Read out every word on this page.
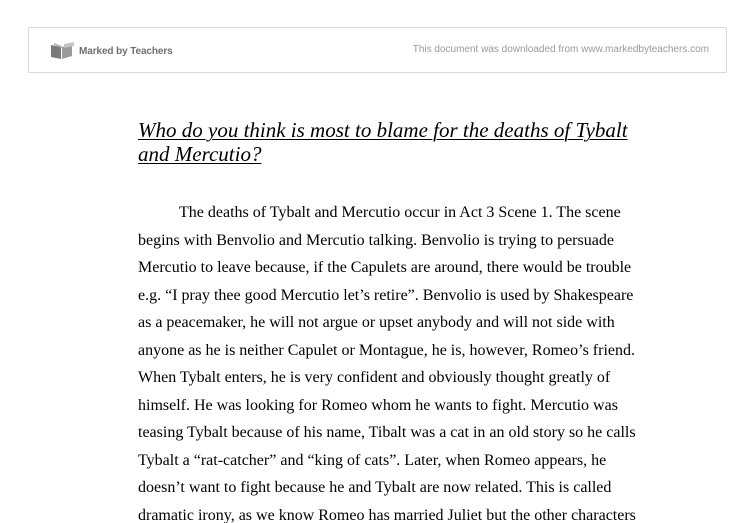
Marked by Teachers	This document was downloaded from www.markedbyteachers.com
Who do you think is most to blame for the deaths of Tybalt
and Mercutio?
The deaths of Tybalt and Mercutio occur in Act 3 Scene 1. The scene
begins with Benvolio and Mercutio talking. Benvolio is trying to persuade
Mercutio to leave because, if the Capulets are around, there would be trouble
e.g. “I pray thee good Mercutio let’s retire”. Benvolio is used by Shakespeare
as a peacemaker, he will not argue or upset anybody and will not side with
anyone as he is neither Capulet or Montague, he is, however, Romeo’s friend.
When Tybalt enters, he is very confident and obviously thought greatly of
himself. He was looking for Romeo whom he wants to fight. Mercutio was
teasing Tybalt because of his name, Tibalt was a cat in an old story so he calls
Tybalt a “rat-catcher” and “king of cats”. Later, when Romeo appears, he
doesn’t want to fight because he and Tybalt are now related. This is called
dramatic irony, as we know Romeo has married Juliet but the other characters
